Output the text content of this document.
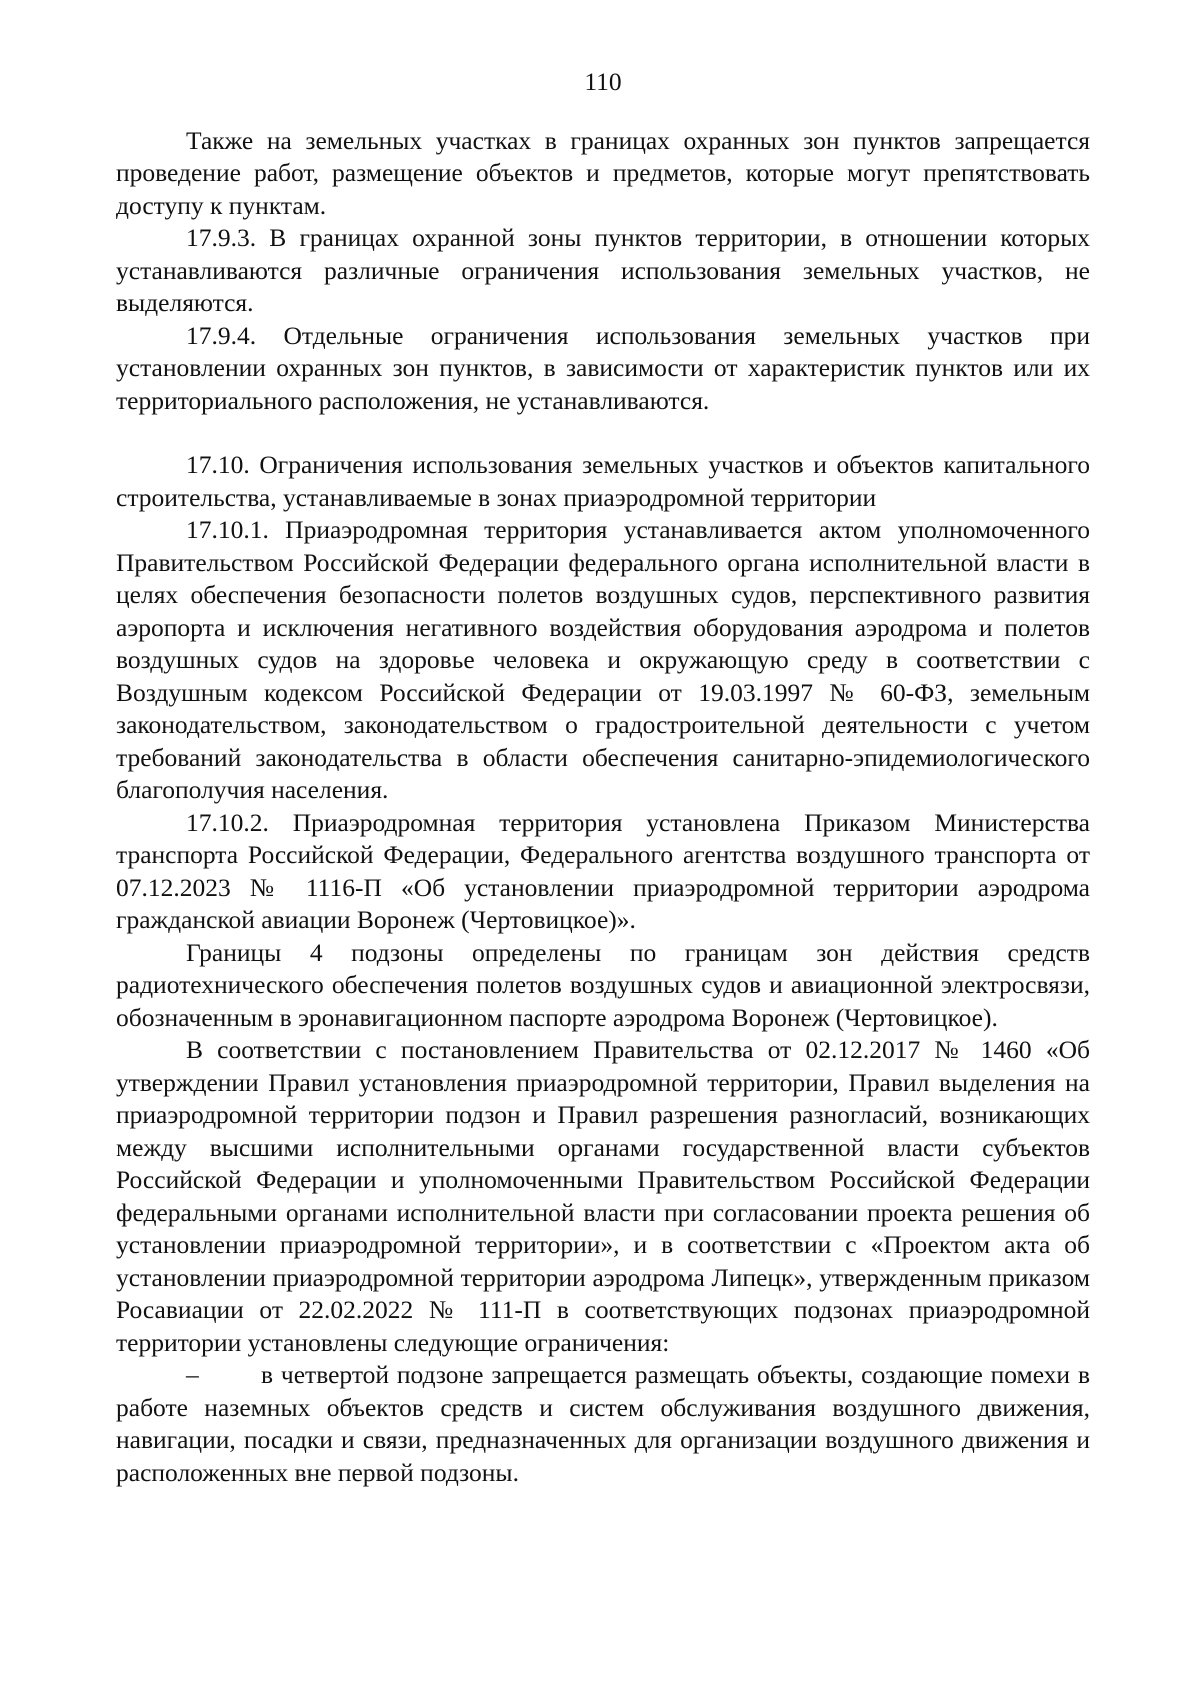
110

Также на земельных участках в границах охранных зон пунктов запрещается проведение работ, размещение объектов и предметов, которые могут препятствовать доступу к пунктам.

17.9.3. В границах охранной зоны пунктов территории, в отношении которых устанавливаются различные ограничения использования земельных участков, не выделяются.

17.9.4. Отдельные ограничения использования земельных участков при установлении охранных зон пунктов, в зависимости от характеристик пунктов или их территориального расположения, не устанавливаются.

17.10. Ограничения использования земельных участков и объектов капитального строительства, устанавливаемые в зонах приаэродромной территории

17.10.1. Приаэродромная территория устанавливается актом уполномоченного Правительством Российской Федерации федерального органа исполнительной власти в целях обеспечения безопасности полетов воздушных судов, перспективного развития аэропорта и исключения негативного воздействия оборудования аэродрома и полетов воздушных судов на здоровье человека и окружающую среду в соответствии с Воздушным кодексом Российской Федерации от 19.03.1997 № 60-ФЗ, земельным законодательством, законодательством о градостроительной деятельности с учетом требований законодательства в области обеспечения санитарно-эпидемиологического благополучия населения.

17.10.2. Приаэродромная территория установлена Приказом Министерства транспорта Российской Федерации, Федерального агентства воздушного транспорта от 07.12.2023 № 1116-П «Об установлении приаэродромной территории аэродрома гражданской авиации Воронеж (Чертовицкое)».

Границы 4 подзоны определены по границам зон действия средств радиотехнического обеспечения полетов воздушных судов и авиационной электросвязи, обозначенным в эронавигационном паспорте аэродрома Воронеж (Чертовицкое).

В соответствии с постановлением Правительства от 02.12.2017 № 1460 «Об утверждении Правил установления приаэродромной территории, Правил выделения на приаэродромной территории подзон и Правил разрешения разногласий, возникающих между высшими исполнительными органами государственной власти субъектов Российской Федерации и уполномоченными Правительством Российской Федерации федеральными органами исполнительной власти при согласовании проекта решения об установлении приаэродромной территории», и в соответствии с «Проектом акта об установлении приаэродромной территории аэродрома Липецк», утвержденным приказом Росавиации от 22.02.2022 № 111-П в соответствующих подзонах приаэродромной территории установлены следующие ограничения:

– в четвертой подзоне запрещается размещать объекты, создающие помехи в работе наземных объектов средств и систем обслуживания воздушного движения, навигации, посадки и связи, предназначенных для организации воздушного движения и расположенных вне первой подзоны.
